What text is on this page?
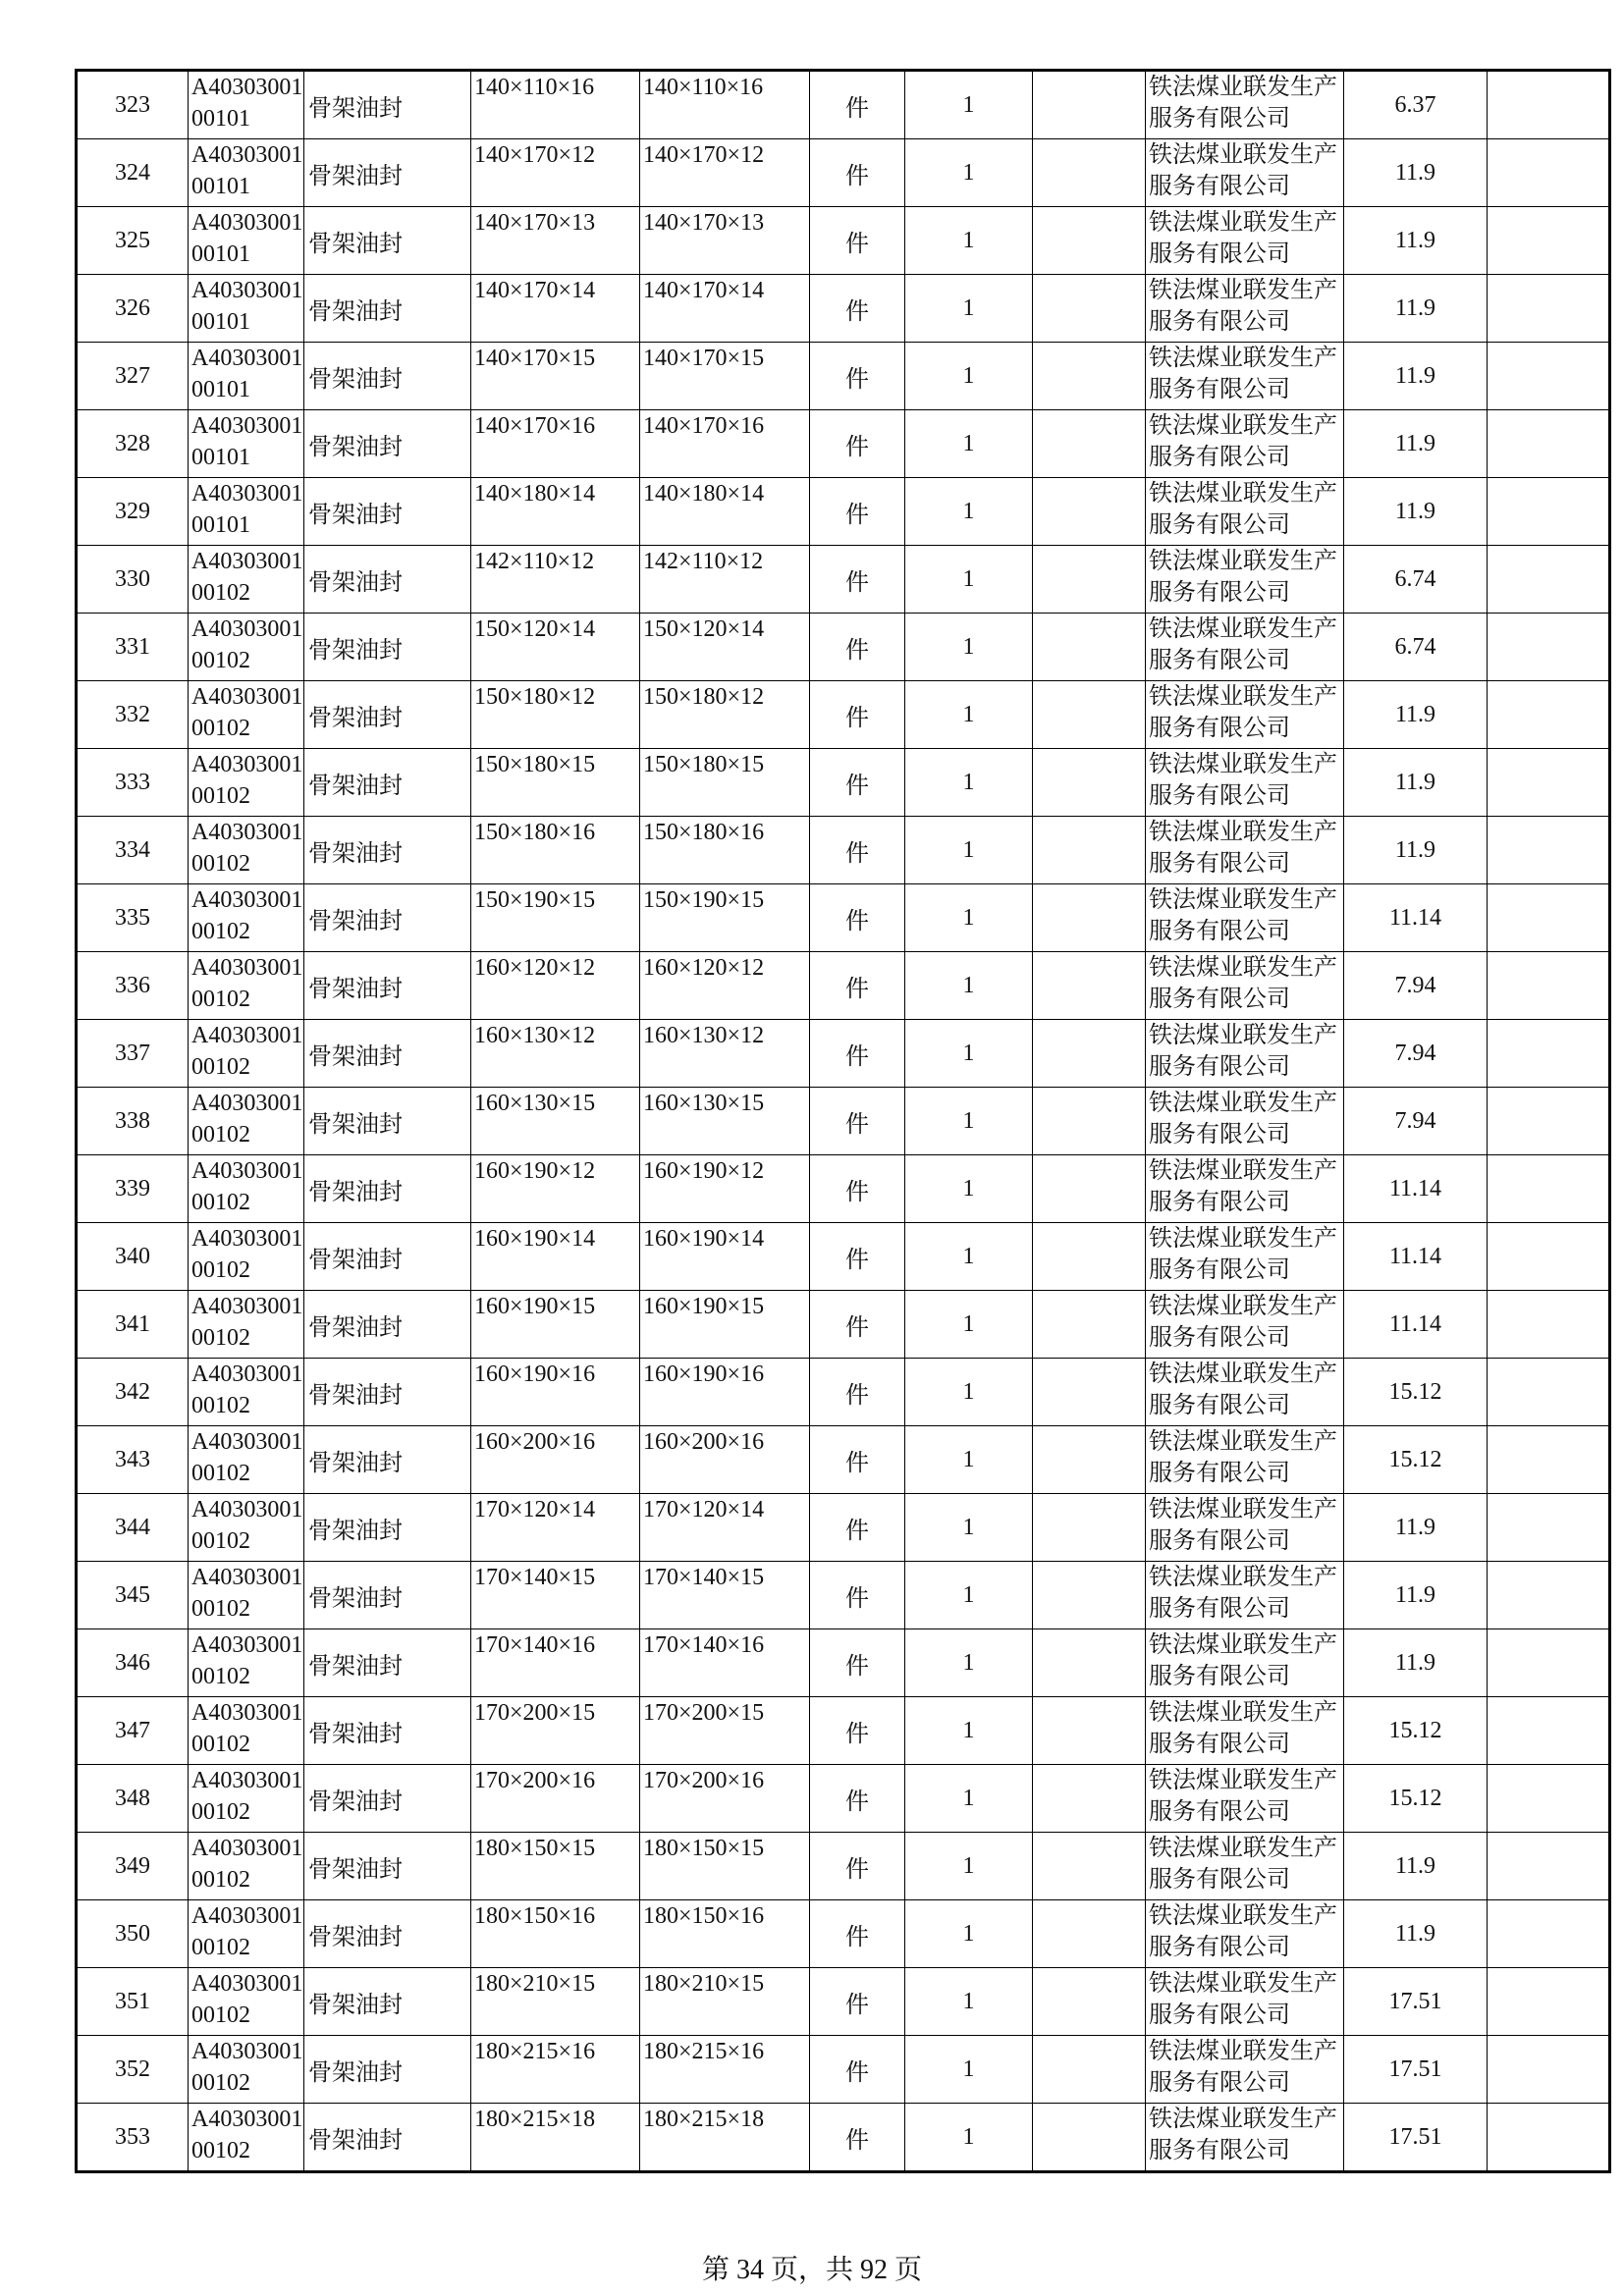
323	A4030300100101	骨架油封	140×110×16	140×110×16	件	1		铁法煤业联发生产服务有限公司	6.37	
324	A4030300100101	骨架油封	140×170×12	140×170×12	件	1		铁法煤业联发生产服务有限公司	11.9	
325	A4030300100101	骨架油封	140×170×13	140×170×13	件	1		铁法煤业联发生产服务有限公司	11.9	
326	A4030300100101	骨架油封	140×170×14	140×170×14	件	1		铁法煤业联发生产服务有限公司	11.9	
327	A4030300100101	骨架油封	140×170×15	140×170×15	件	1		铁法煤业联发生产服务有限公司	11.9	
328	A4030300100101	骨架油封	140×170×16	140×170×16	件	1		铁法煤业联发生产服务有限公司	11.9	
329	A4030300100101	骨架油封	140×180×14	140×180×14	件	1		铁法煤业联发生产服务有限公司	11.9	
330	A4030300100102	骨架油封	142×110×12	142×110×12	件	1		铁法煤业联发生产服务有限公司	6.74	
331	A4030300100102	骨架油封	150×120×14	150×120×14	件	1		铁法煤业联发生产服务有限公司	6.74	
332	A4030300100102	骨架油封	150×180×12	150×180×12	件	1		铁法煤业联发生产服务有限公司	11.9	
333	A4030300100102	骨架油封	150×180×15	150×180×15	件	1		铁法煤业联发生产服务有限公司	11.9	
334	A4030300100102	骨架油封	150×180×16	150×180×16	件	1		铁法煤业联发生产服务有限公司	11.9	
335	A4030300100102	骨架油封	150×190×15	150×190×15	件	1		铁法煤业联发生产服务有限公司	11.14	
336	A4030300100102	骨架油封	160×120×12	160×120×12	件	1		铁法煤业联发生产服务有限公司	7.94	
337	A4030300100102	骨架油封	160×130×12	160×130×12	件	1		铁法煤业联发生产服务有限公司	7.94	
338	A4030300100102	骨架油封	160×130×15	160×130×15	件	1		铁法煤业联发生产服务有限公司	7.94	
339	A4030300100102	骨架油封	160×190×12	160×190×12	件	1		铁法煤业联发生产服务有限公司	11.14	
340	A4030300100102	骨架油封	160×190×14	160×190×14	件	1		铁法煤业联发生产服务有限公司	11.14	
341	A4030300100102	骨架油封	160×190×15	160×190×15	件	1		铁法煤业联发生产服务有限公司	11.14	
342	A4030300100102	骨架油封	160×190×16	160×190×16	件	1		铁法煤业联发生产服务有限公司	15.12	
343	A4030300100102	骨架油封	160×200×16	160×200×16	件	1		铁法煤业联发生产服务有限公司	15.12	
344	A4030300100102	骨架油封	170×120×14	170×120×14	件	1		铁法煤业联发生产服务有限公司	11.9	
345	A4030300100102	骨架油封	170×140×15	170×140×15	件	1		铁法煤业联发生产服务有限公司	11.9	
346	A4030300100102	骨架油封	170×140×16	170×140×16	件	1		铁法煤业联发生产服务有限公司	11.9	
347	A4030300100102	骨架油封	170×200×15	170×200×15	件	1		铁法煤业联发生产服务有限公司	15.12	
348	A4030300100102	骨架油封	170×200×16	170×200×16	件	1		铁法煤业联发生产服务有限公司	15.12	
349	A4030300100102	骨架油封	180×150×15	180×150×15	件	1		铁法煤业联发生产服务有限公司	11.9	
350	A4030300100102	骨架油封	180×150×16	180×150×16	件	1		铁法煤业联发生产服务有限公司	11.9	
351	A4030300100102	骨架油封	180×210×15	180×210×15	件	1		铁法煤业联发生产服务有限公司	17.51	
352	A4030300100102	骨架油封	180×215×16	180×215×16	件	1		铁法煤业联发生产服务有限公司	17.51	
353	A4030300100102	骨架油封	180×215×18	180×215×18	件	1		铁法煤业联发生产服务有限公司	17.51	
第 34 页，共 92 页
